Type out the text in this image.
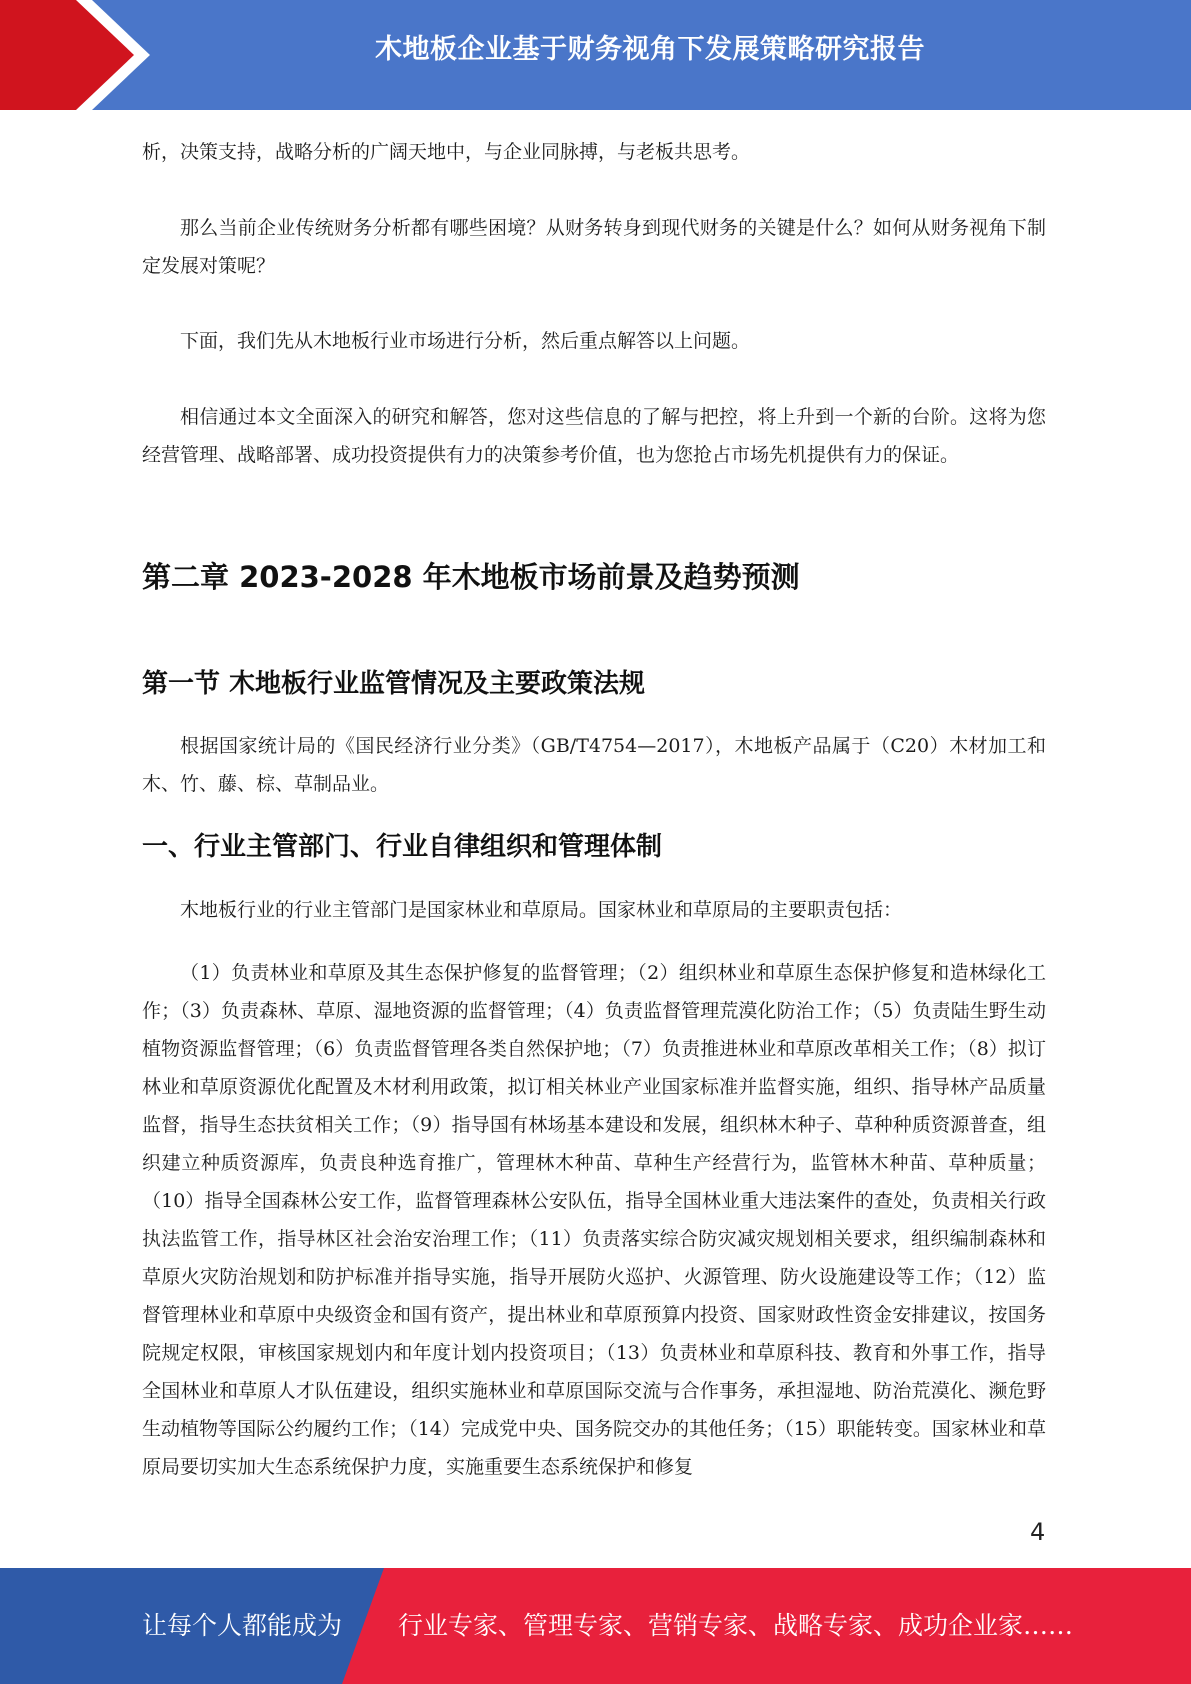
木地板企业基于财务视角下发展策略研究报告

析，决策支持，战略分析的广阔天地中，与企业同脉搏，与老板共思考。

那么当前企业传统财务分析都有哪些困境？从财务转身到现代财务的关键是什么？如何从财务视角下制定发展对策呢？

下面，我们先从木地板行业市场进行分析，然后重点解答以上问题。

相信通过本文全面深入的研究和解答，您对这些信息的了解与把控，将上升到一个新的台阶。这将为您经营管理、战略部署、成功投资提供有力的决策参考价值，也为您抢占市场先机提供有力的保证。

第二章 2023-2028 年木地板市场前景及趋势预测
第一节 木地板行业监管情况及主要政策法规

根据国家统计局的《国民经济行业分类》（GB/T4754—2017），木地板产品属于（C20）木材加工和木、竹、藤、棕、草制品业。

一、行业主管部门、行业自律组织和管理体制

木地板行业的行业主管部门是国家林业和草原局。国家林业和草原局的主要职责包括：

（1）负责林业和草原及其生态保护修复的监督管理；（2）组织林业和草原生态保护修复和造林绿化工作；（3）负责森林、草原、湿地资源的监督管理；（4）负责监督管理荒漠化防治工作；（5）负责陆生野生动植物资源监督管理；（6）负责监督管理各类自然保护地；（7）负责推进林业和草原改革相关工作；（8）拟订林业和草原资源优化配置及木材利用政策，拟订相关林业产业国家标准并监督实施，组织、指导林产品质量监督，指导生态扶贫相关工作；（9）指导国有林场基本建设和发展，组织林木种子、草种种质资源普查，组织建立种质资源库，负责良种选育推广，管理林木种苗、草种生产经营行为，监管林木种苗、草种质量；（10）指导全国森林公安工作，监督管理森林公安队伍，指导全国林业重大违法案件的查处，负责相关行政执法监管工作，指导林区社会治安治理工作；（11）负责落实综合防灾减灾规划相关要求，组织编制森林和草原火灾防治规划和防护标准并指导实施，指导开展防火巡护、火源管理、防火设施建设等工作；（12）监督管理林业和草原中央级资金和国有资产，提出林业和草原预算内投资、国家财政性资金安排建议，按国务院规定权限，审核国家规划内和年度计划内投资项目；（13）负责林业和草原科技、教育和外事工作，指导全国林业和草原人才队伍建设，组织实施林业和草原国际交流与合作事务，承担湿地、防治荒漠化、濒危野生动植物等国际公约履约工作；（14）完成党中央、国务院交办的其他任务；（15）职能转变。国家林业和草原局要切实加大生态系统保护力度，实施重要生态系统保护和修复

4
让每个人都能成为 行业专家、管理专家、营销专家、战略专家、成功企业家……
